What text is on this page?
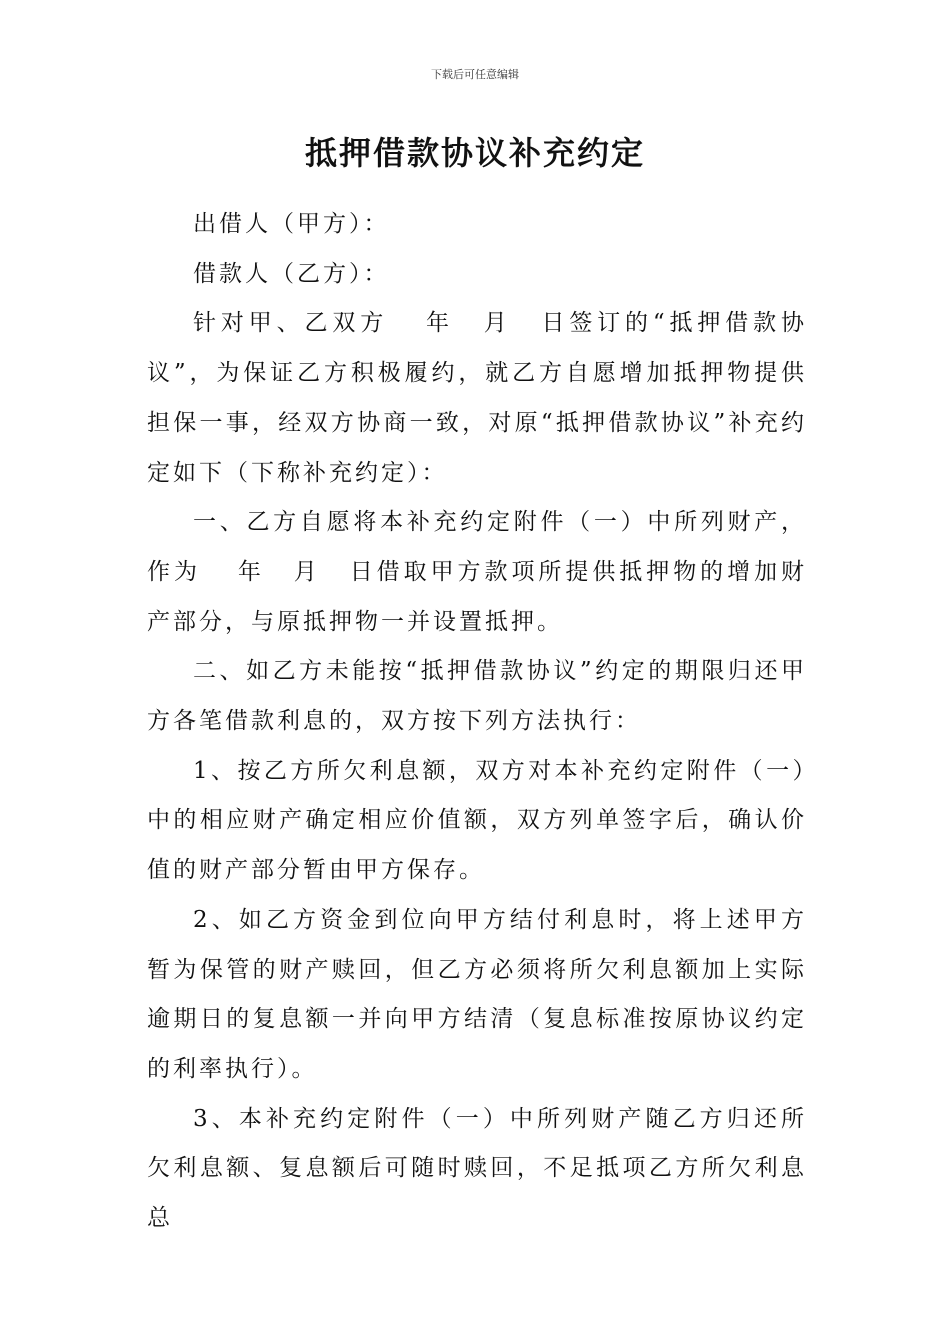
下载后可任意编辑
抵押借款协议补充约定

出借人（甲方）：

借款人（乙方）：

针对甲、乙双方 年 月 日签订的“抵押借款协议”，为保证乙方积极履约，就乙方自愿增加抵押物提供担保一事，经双方协商一致，对原“抵押借款协议”补充约定如下（下称补充约定）：

一、乙方自愿将本补充约定附件（一）中所列财产，作为 年 月 日借取甲方款项所提供抵押物的增加财产部分，与原抵押物一并设置抵押。

二、如乙方未能按“抵押借款协议”约定的期限归还甲方各笔借款利息的，双方按下列方法执行：

1、按乙方所欠利息额，双方对本补充约定附件（一）中的相应财产确定相应价值额，双方列单签字后，确认价值的财产部分暂由甲方保存。

2、如乙方资金到位向甲方结付利息时，将上述甲方暂为保管的财产赎回，但乙方必须将所欠利息额加上实际逾期日的复息额一并向甲方结清（复息标准按原协议约定的利率执行）。

3、本补充约定附件（一）中所列财产随乙方归还所欠利息额、复息额后可随时赎回，不足抵项乙方所欠利息总
